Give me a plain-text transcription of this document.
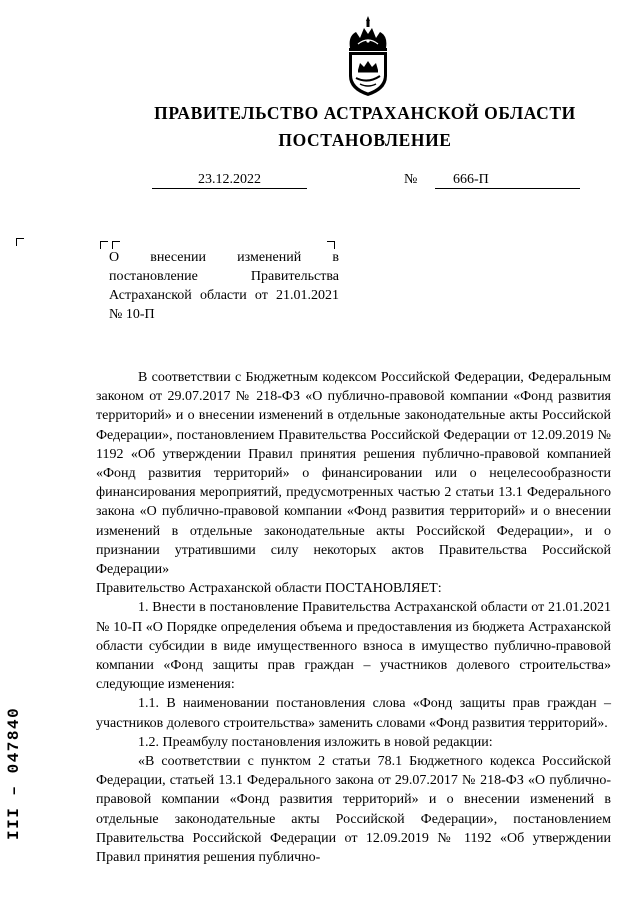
ПРАВИТЕЛЬСТВО АСТРАХАНСКОЙ ОБЛАСТИ
ПОСТАНОВЛЕНИЕ
23.12.2022	№	666-П
О внесении изменений в постановление Правительства Астраханской области от 21.01.2021 № 10-П

В соответствии с Бюджетным кодексом Российской Федерации, Федеральным законом от 29.07.2017 № 218-ФЗ «О публично-правовой компании «Фонд развития территорий» и о внесении изменений в отдельные законодательные акты Российской Федерации», постановлением Правительства Российской Федерации от 12.09.2019 № 1192 «Об утверждении Правил принятия решения публично-правовой компанией «Фонд развития территорий» о финансировании или о нецелесообразности финансирования мероприятий, предусмотренных частью 2 статьи 13.1 Федерального закона «О публично-правовой компании «Фонд развития территорий» и о внесении изменений в отдельные законодательные акты Российской Федерации», и о признании утратившими силу некоторых актов Правительства Российской Федерации»

Правительство Астраханской области ПОСТАНОВЛЯЕТ:

1. Внести в постановление Правительства Астраханской области от 21.01.2021 № 10-П «О Порядке определения объема и предоставления из бюджета Астраханской области субсидии в виде имущественного взноса в имущество публично-правовой компании «Фонд защиты прав граждан – участников долевого строительства» следующие изменения:

1.1. В наименовании постановления слова «Фонд защиты прав граждан – участников долевого строительства» заменить словами «Фонд развития территорий».

1.2. Преамбулу постановления изложить в новой редакции:

«В соответствии с пунктом 2 статьи 78.1 Бюджетного кодекса Российской Федерации, статьей 13.1 Федерального закона от 29.07.2017 № 218-ФЗ «О публично-правовой компании «Фонд развития территорий» и о внесении изменений в отдельные законодательные акты Российской Федерации», постановлением Правительства Российской Федерации от 12.09.2019 № 1192 «Об утверждении Правил принятия решения публично-

III – 047840
